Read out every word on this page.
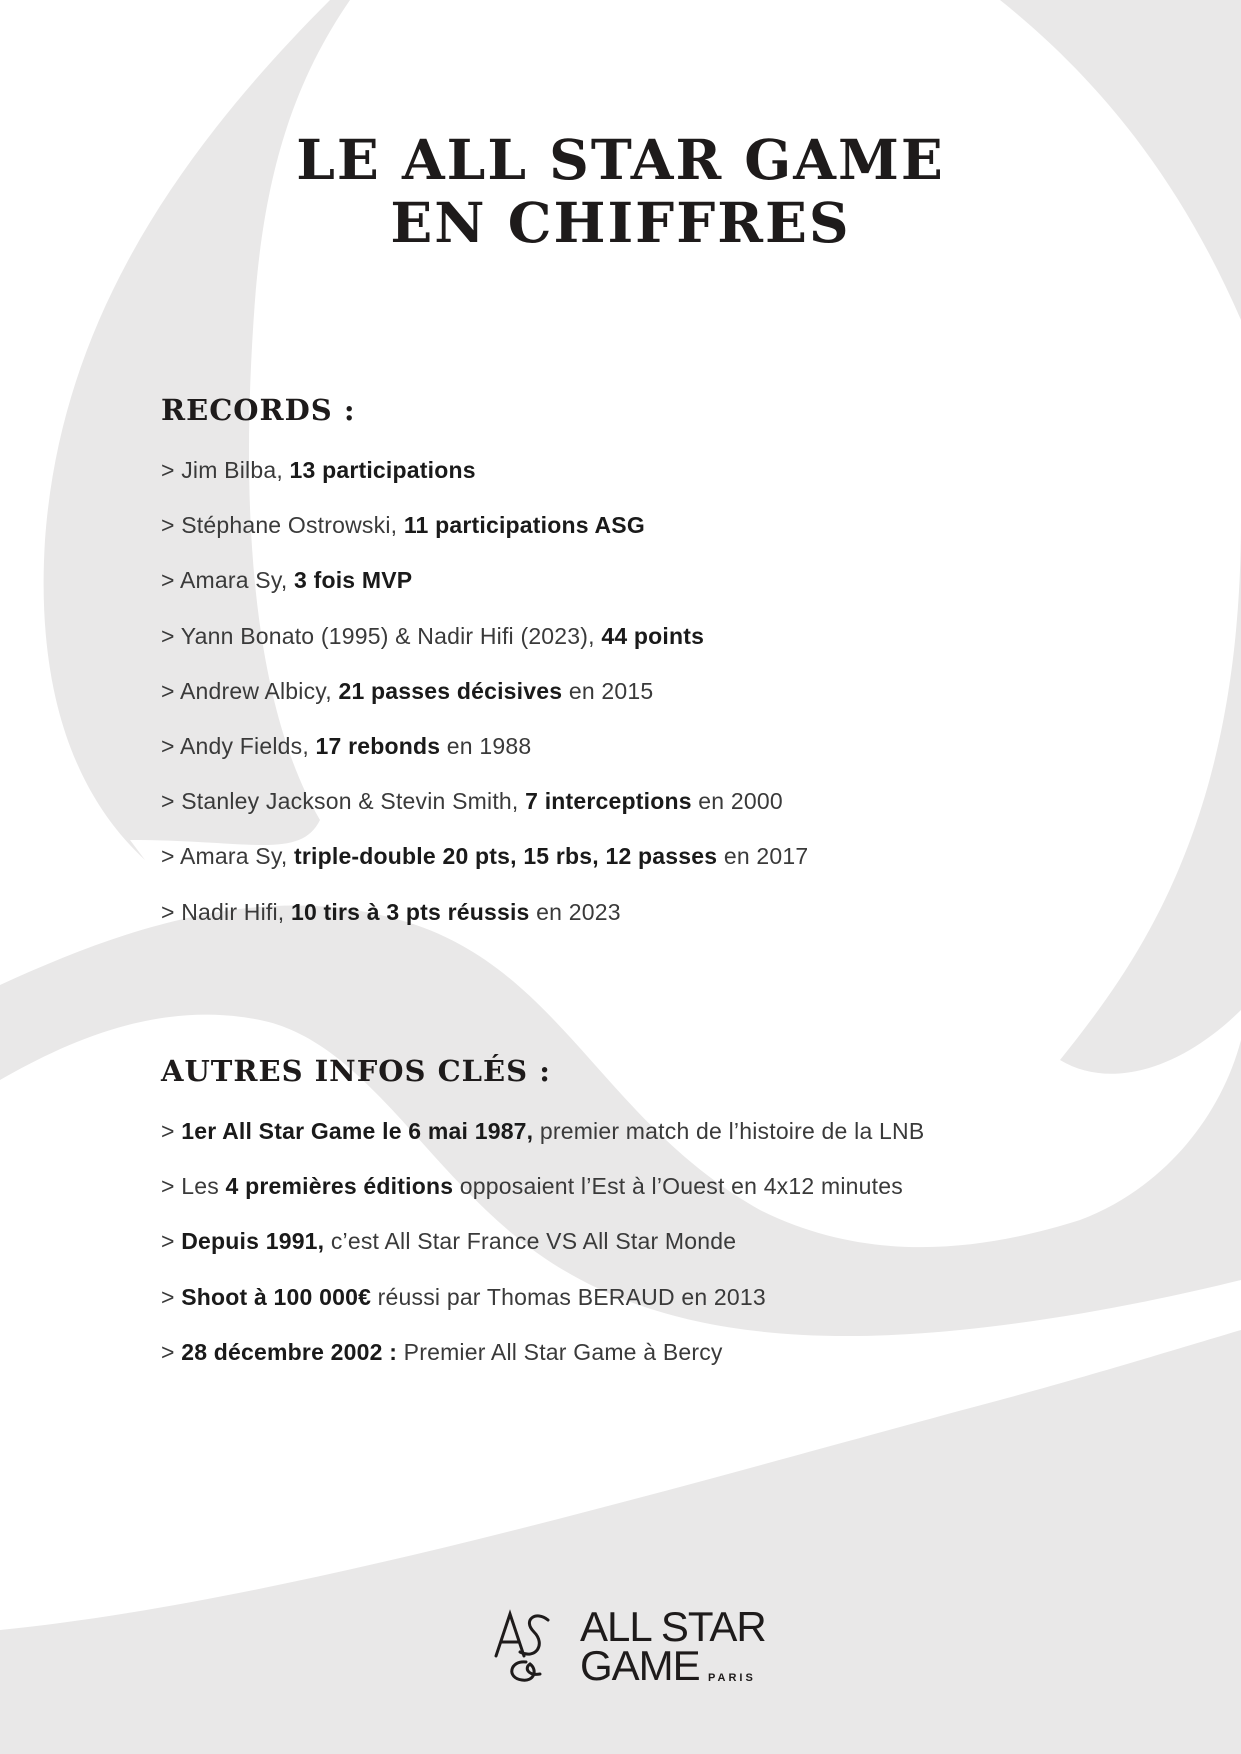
LE ALL STAR GAME
EN CHIFFRES
RECORDS :
> Jim Bilba, 13 participations
> Stéphane Ostrowski, 11 participations ASG
> Amara Sy, 3 fois MVP
> Yann Bonato (1995) & Nadir Hifi (2023), 44 points
> Andrew Albicy, 21 passes décisives en 2015
> Andy Fields, 17 rebonds en 1988
> Stanley Jackson & Stevin Smith, 7 interceptions en 2000
> Amara Sy, triple-double 20 pts, 15 rbs, 12 passes en 2017
> Nadir Hifi, 10 tirs à 3 pts réussis en 2023
AUTRES INFOS CLÉS :
> 1er All Star Game le 6 mai 1987, premier match de l’histoire de la LNB
> Les 4 premières éditions opposaient l’Est à l’Ouest en 4x12 minutes
> Depuis 1991, c’est All Star France VS All Star Monde
> Shoot à 100 000€ réussi par Thomas BERAUD en 2013
> 28 décembre 2002 : Premier All Star Game à Bercy
ALL STAR
GAME PARIS
